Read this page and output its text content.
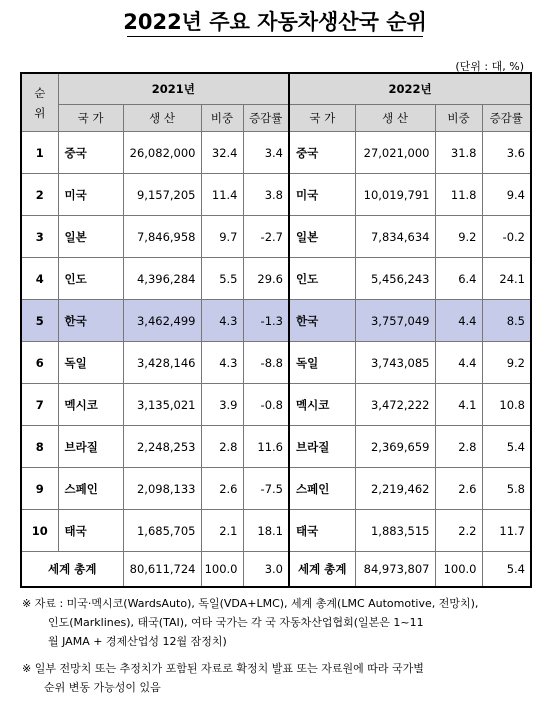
2022년 주요 자동차생산국 순위
(단위 : 대, %)
순위	2021년				2022년			
	국 가	생 산	비중	증감률	국 가	생 산	비중	증감률
1	중국	26,082,000	32.4	3.4	중국	27,021,000	31.8	3.6
2	미국	9,157,205	11.4	3.8	미국	10,019,791	11.8	9.4
3	일본	7,846,958	9.7	-2.7	일본	7,834,634	9.2	-0.2
4	인도	4,396,284	5.5	29.6	인도	5,456,243	6.4	24.1
5	한국	3,462,499	4.3	-1.3	한국	3,757,049	4.4	8.5
6	독일	3,428,146	4.3	-8.8	독일	3,743,085	4.4	9.2
7	멕시코	3,135,021	3.9	-0.8	멕시코	3,472,222	4.1	10.8
8	브라질	2,248,253	2.8	11.6	브라질	2,369,659	2.8	5.4
9	스페인	2,098,133	2.6	-7.5	스페인	2,219,462	2.6	5.8
10	태국	1,685,705	2.1	18.1	태국	1,883,515	2.2	11.7
세계 총계		80,611,724	100.0	3.0	세계 총계	84,973,807	100.0	5.4
※ 자료 : 미국·멕시코(WardsAuto), 독일(VDA+LMC), 세계 총계(LMC Automotive, 전망치),
인도(Marklines), 태국(TAI), 여타 국가는 각 국 자동차산업협회(일본은 1~11
월 JAMA + 경제산업성 12월 잠정치)
※ 일부 전망치 또는 추정치가 포함된 자료로 확정치 발표 또는 자료원에 따라 국가별
순위 변동 가능성이 있음
